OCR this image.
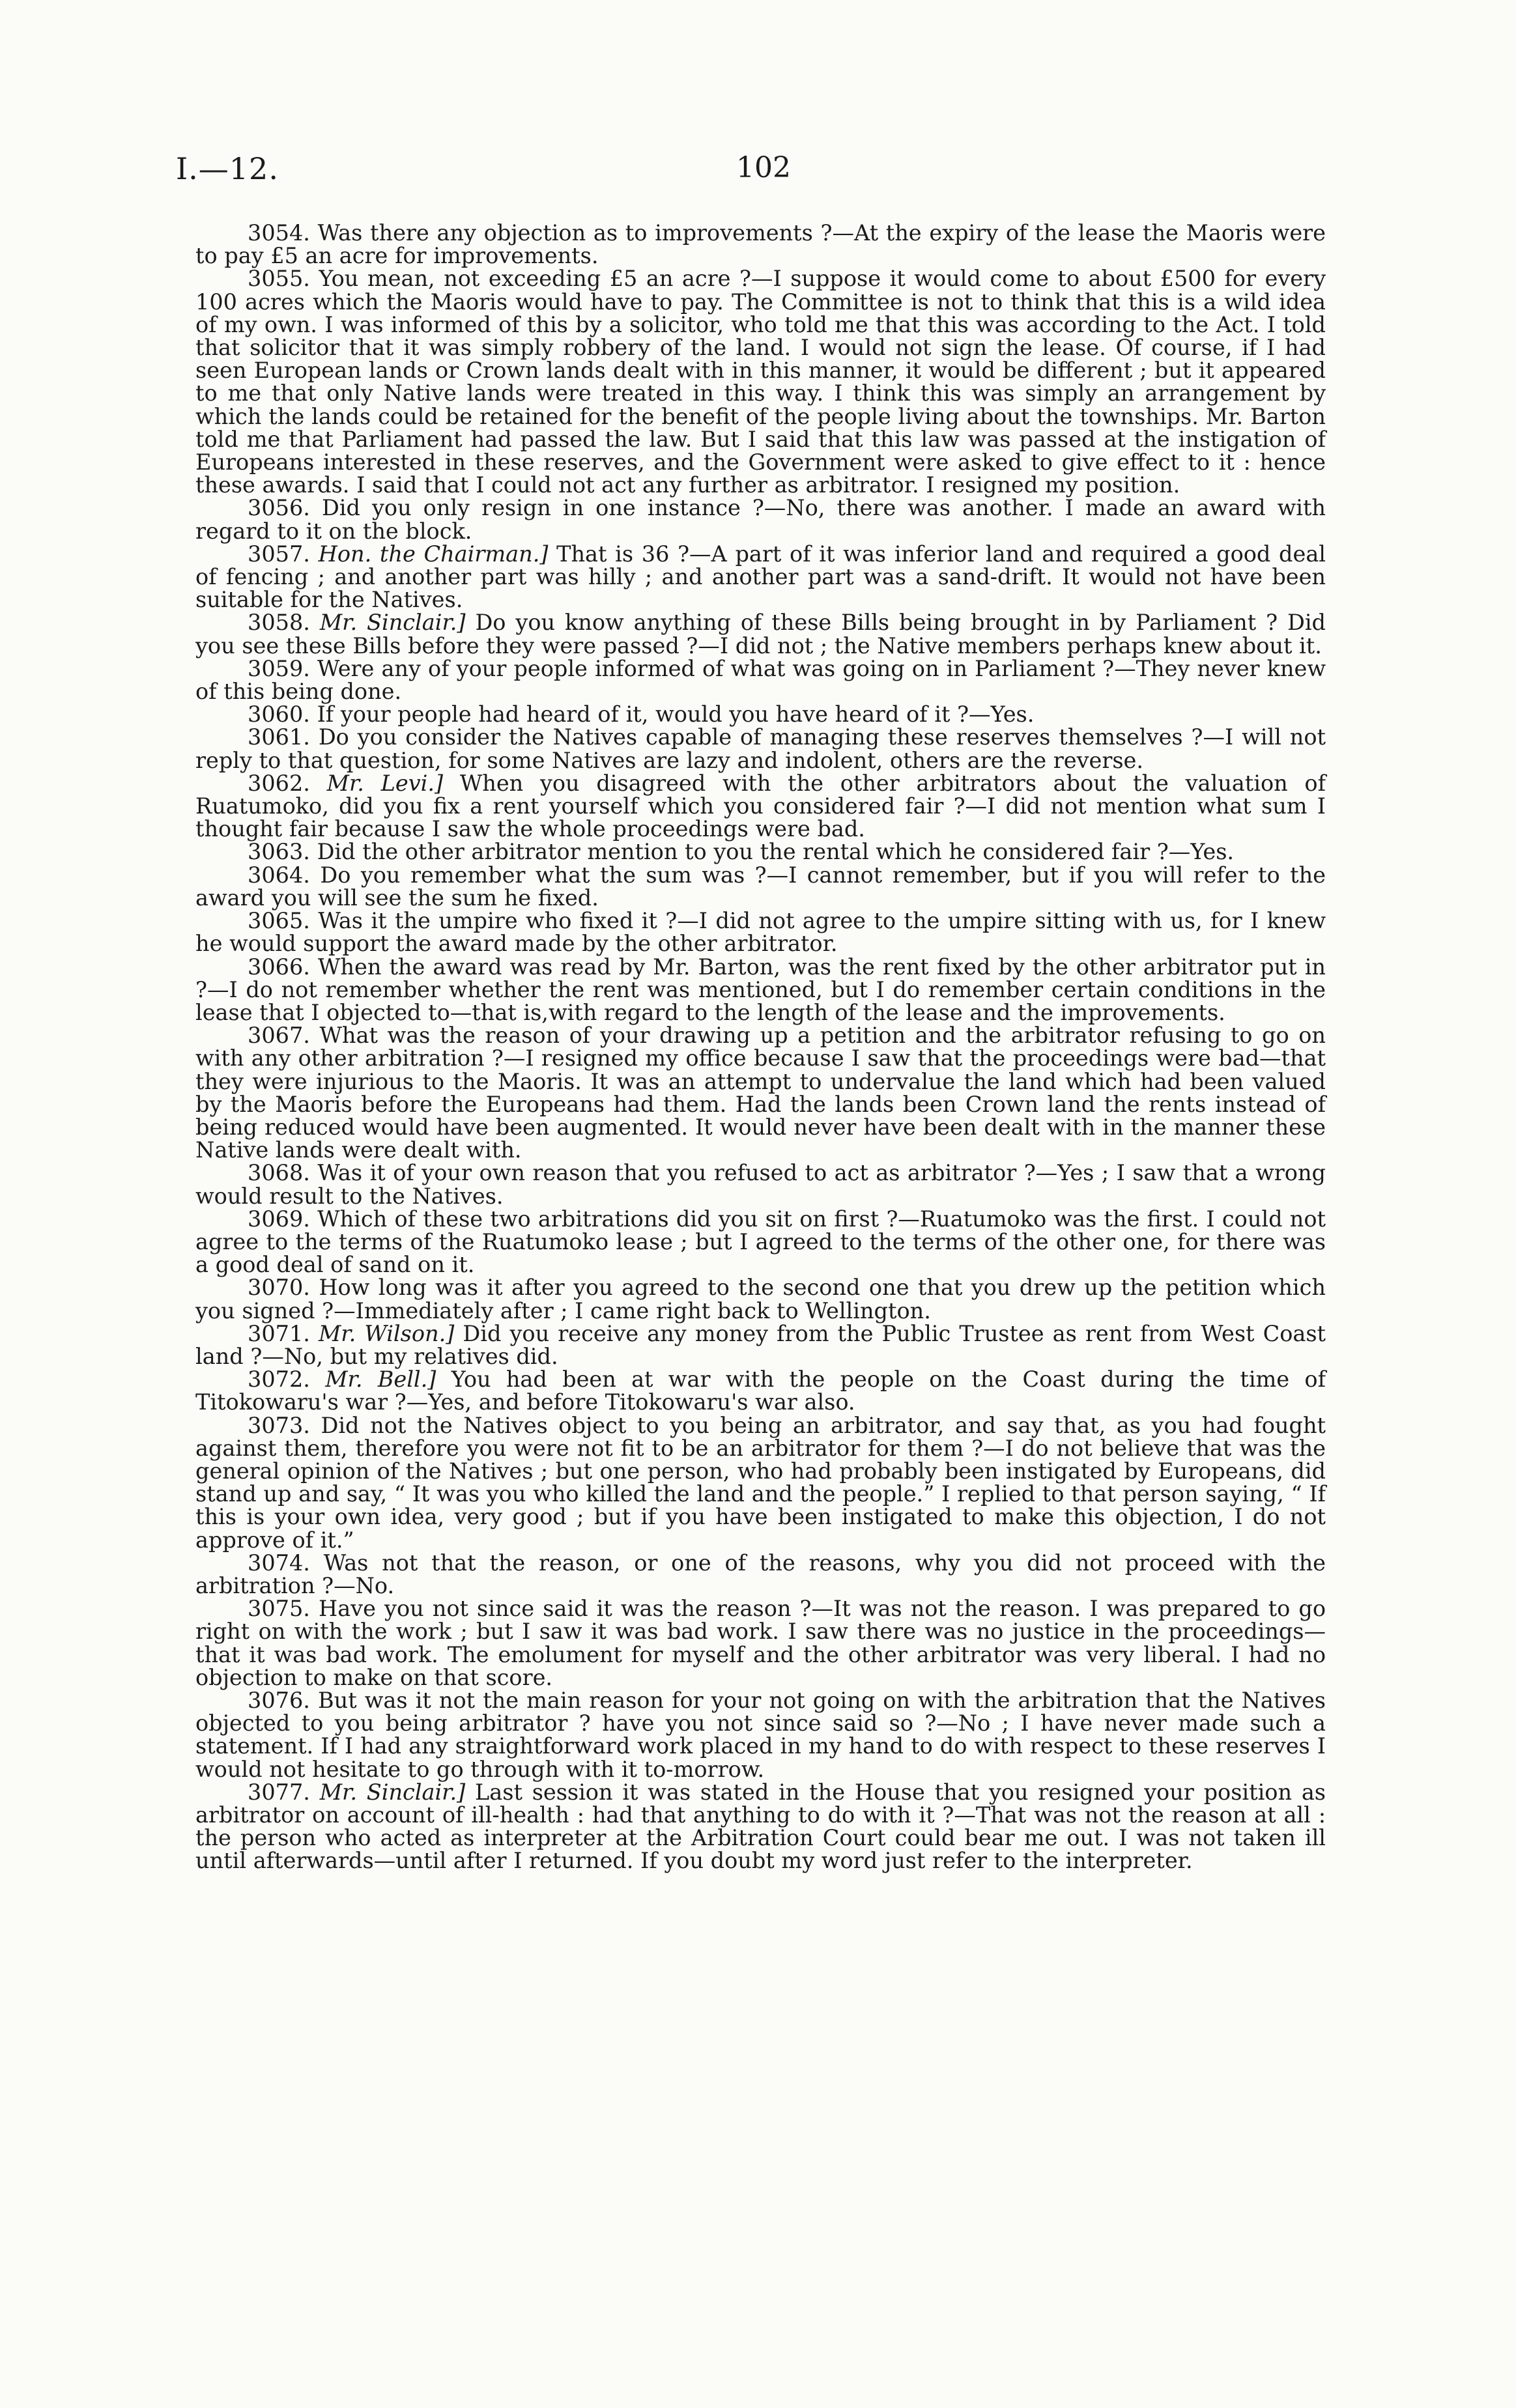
I.—12.	102

3054. Was there any objection as to improvements ?—At the expiry of the lease the Maoris were to pay £5 an acre for improvements.

3055. You mean, not exceeding £5 an acre ?—I suppose it would come to about £500 for every 100 acres which the Maoris would have to pay. The Committee is not to think that this is a wild idea of my own. I was informed of this by a solicitor, who told me that this was according to the Act. I told that solicitor that it was simply robbery of the land. I would not sign the lease. Of course, if I had seen European lands or Crown lands dealt with in this manner, it would be different ; but it appeared to me that only Native lands were treated in this way. I think this was simply an arrangement by which the lands could be retained for the benefit of the people living about the townships. Mr. Barton told me that Parliament had passed the law. But I said that this law was passed at the instigation of Europeans interested in these reserves, and the Government were asked to give effect to it : hence these awards. I said that I could not act any further as arbitrator. I resigned my position.

3056. Did you only resign in one instance ?—No, there was another. I made an award with regard to it on the block.

3057. Hon. the Chairman.] That is 36 ?—A part of it was inferior land and required a good deal of fencing ; and another part was hilly ; and another part was a sand-drift. It would not have been suitable for the Natives.

3058. Mr. Sinclair.] Do you know anything of these Bills being brought in by Parliament ? Did you see these Bills before they were passed ?—I did not ; the Native members perhaps knew about it.

3059. Were any of your people informed of what was going on in Parliament ?—They never knew of this being done.

3060. If your people had heard of it, would you have heard of it ?—Yes.

3061. Do you consider the Natives capable of managing these reserves themselves ?—I will not reply to that question, for some Natives are lazy and indolent, others are the reverse.

3062. Mr. Levi.] When you disagreed with the other arbitrators about the valuation of Ruatumoko, did you fix a rent yourself which you considered fair ?—I did not mention what sum I thought fair because I saw the whole proceedings were bad.

3063. Did the other arbitrator mention to you the rental which he considered fair ?—Yes.

3064. Do you remember what the sum was ?—I cannot remember, but if you will refer to the award you will see the sum he fixed.

3065. Was it the umpire who fixed it ?—I did not agree to the umpire sitting with us, for I knew he would support the award made by the other arbitrator.

3066. When the award was read by Mr. Barton, was the rent fixed by the other arbitrator put in ?—I do not remember whether the rent was mentioned, but I do remember certain conditions in the lease that I objected to—that is,with regard to the length of the lease and the improvements.

3067. What was the reason of your drawing up a petition and the arbitrator refusing to go on with any other arbitration ?—I resigned my office because I saw that the proceedings were bad—that they were injurious to the Maoris. It was an attempt to undervalue the land which had been valued by the Maoris before the Europeans had them. Had the lands been Crown land the rents instead of being reduced would have been augmented. It would never have been dealt with in the manner these Native lands were dealt with.

3068. Was it of your own reason that you refused to act as arbitrator ?—Yes ; I saw that a wrong would result to the Natives.

3069. Which of these two arbitrations did you sit on first ?—Ruatumoko was the first. I could not agree to the terms of the Ruatumoko lease ; but I agreed to the terms of the other one, for there was a good deal of sand on it.

3070. How long was it after you agreed to the second one that you drew up the petition which you signed ?—Immediately after ; I came right back to Wellington.

3071. Mr. Wilson.] Did you receive any money from the Public Trustee as rent from West Coast land ?—No, but my relatives did.

3072. Mr. Bell.] You had been at war with the people on the Coast during the time of Titokowaru's war ?—Yes, and before Titokowaru's war also.

3073. Did not the Natives object to you being an arbitrator, and say that, as you had fought against them, therefore you were not fit to be an arbitrator for them ?—I do not believe that was the general opinion of the Natives ; but one person, who had probably been instigated by Europeans, did stand up and say, “ It was you who killed the land and the people.” I replied to that person saying, “ If this is your own idea, very good ; but if you have been instigated to make this objection, I do not approve of it.”

3074. Was not that the reason, or one of the reasons, why you did not proceed with the arbitration ?—No.

3075. Have you not since said it was the reason ?—It was not the reason. I was prepared to go right on with the work ; but I saw it was bad work. I saw there was no justice in the proceedings—that it was bad work. The emolument for myself and the other arbitrator was very liberal. I had no objection to make on that score.

3076. But was it not the main reason for your not going on with the arbitration that the Natives objected to you being arbitrator ? have you not since said so ?—No ; I have never made such a statement. If I had any straightforward work placed in my hand to do with respect to these reserves I would not hesitate to go through with it to-morrow.

3077. Mr. Sinclair.] Last session it was stated in the House that you resigned your position as arbitrator on account of ill-health : had that anything to do with it ?—That was not the reason at all : the person who acted as interpreter at the Arbitration Court could bear me out. I was not taken ill until afterwards—until after I returned. If you doubt my word just refer to the interpreter.
